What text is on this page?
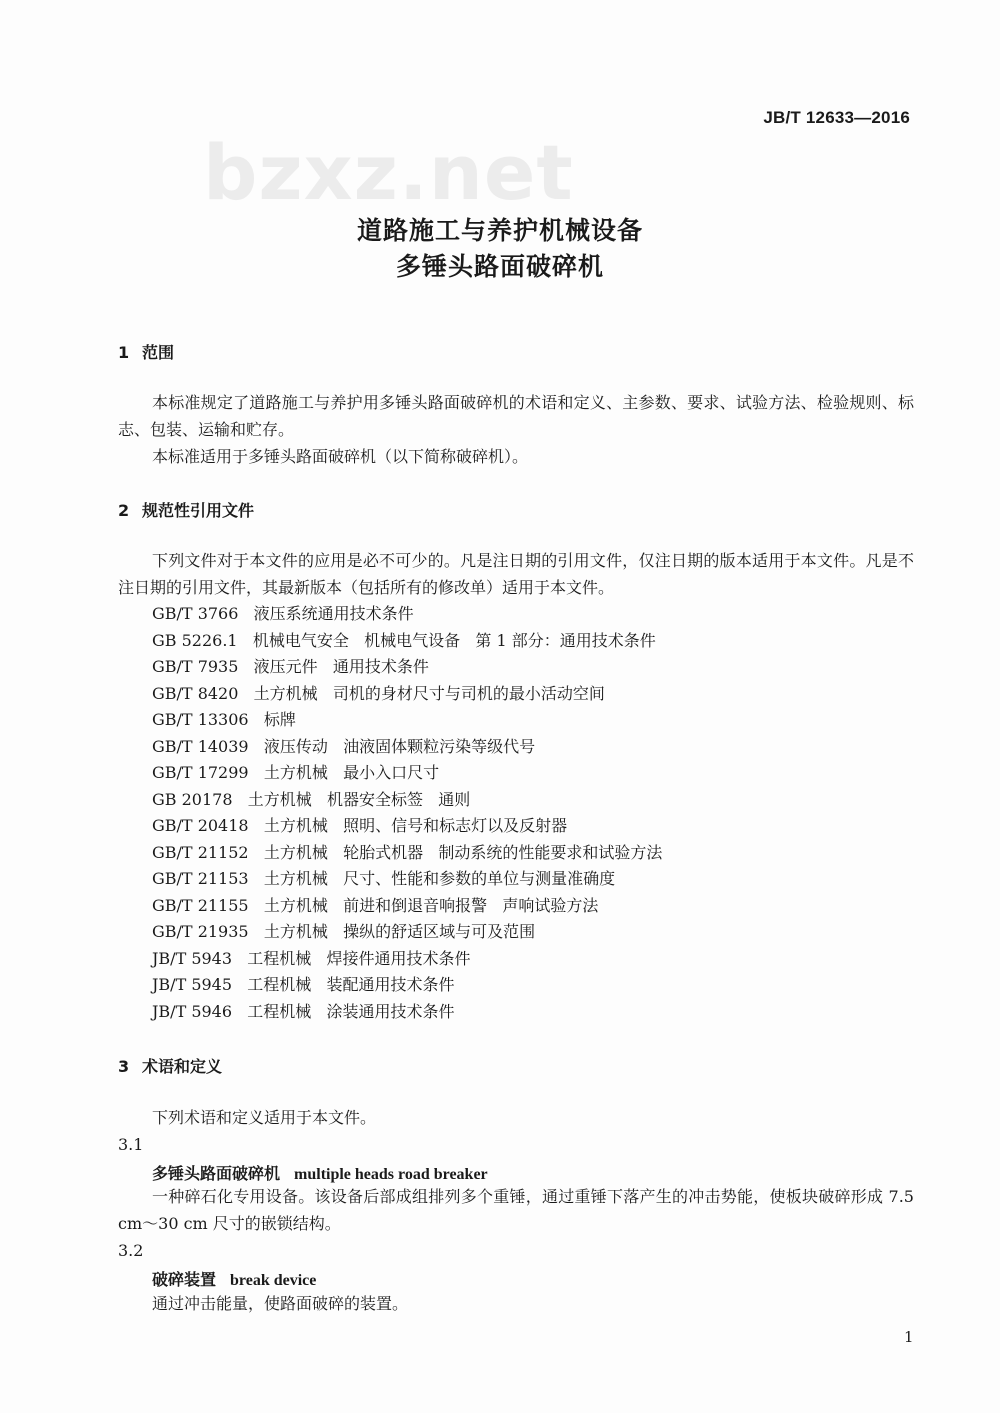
bzxz.net
JB/T 12633—2016
道路施工与养护机械设备
多锤头路面破碎机
1 范围
本标准规定了道路施工与养护用多锤头路面破碎机的术语和定义、主参数、要求、试验方法、检验规则、标志、包装、运输和贮存。
本标准适用于多锤头路面破碎机（以下简称破碎机）。
2 规范性引用文件
下列文件对于本文件的应用是必不可少的。凡是注日期的引用文件，仅注日期的版本适用于本文件。凡是不注日期的引用文件，其最新版本（包括所有的修改单）适用于本文件。
GB/T 3766   液压系统通用技术条件
GB 5226.1   机械电气安全   机械电气设备   第 1 部分：通用技术条件
GB/T 7935   液压元件   通用技术条件
GB/T 8420   土方机械   司机的身材尺寸与司机的最小活动空间
GB/T 13306   标牌
GB/T 14039   液压传动   油液固体颗粒污染等级代号
GB/T 17299   土方机械   最小入口尺寸
GB 20178   土方机械   机器安全标签   通则
GB/T 20418   土方机械   照明、信号和标志灯以及反射器
GB/T 21152   土方机械   轮胎式机器   制动系统的性能要求和试验方法
GB/T 21153   土方机械   尺寸、性能和参数的单位与测量准确度
GB/T 21155   土方机械   前进和倒退音响报警   声响试验方法
GB/T 21935   土方机械   操纵的舒适区域与可及范围
JB/T 5943   工程机械   焊接件通用技术条件
JB/T 5945   工程机械   装配通用技术条件
JB/T 5946   工程机械   涂装通用技术条件
3 术语和定义
下列术语和定义适用于本文件。
3.1
多锤头路面破碎机 multiple heads road breaker
一种碎石化专用设备。该设备后部成组排列多个重锤，通过重锤下落产生的冲击势能，使板块破碎形成 7.5 cm～30 cm 尺寸的嵌锁结构。
3.2
破碎装置 break device
通过冲击能量，使路面破碎的装置。
1
